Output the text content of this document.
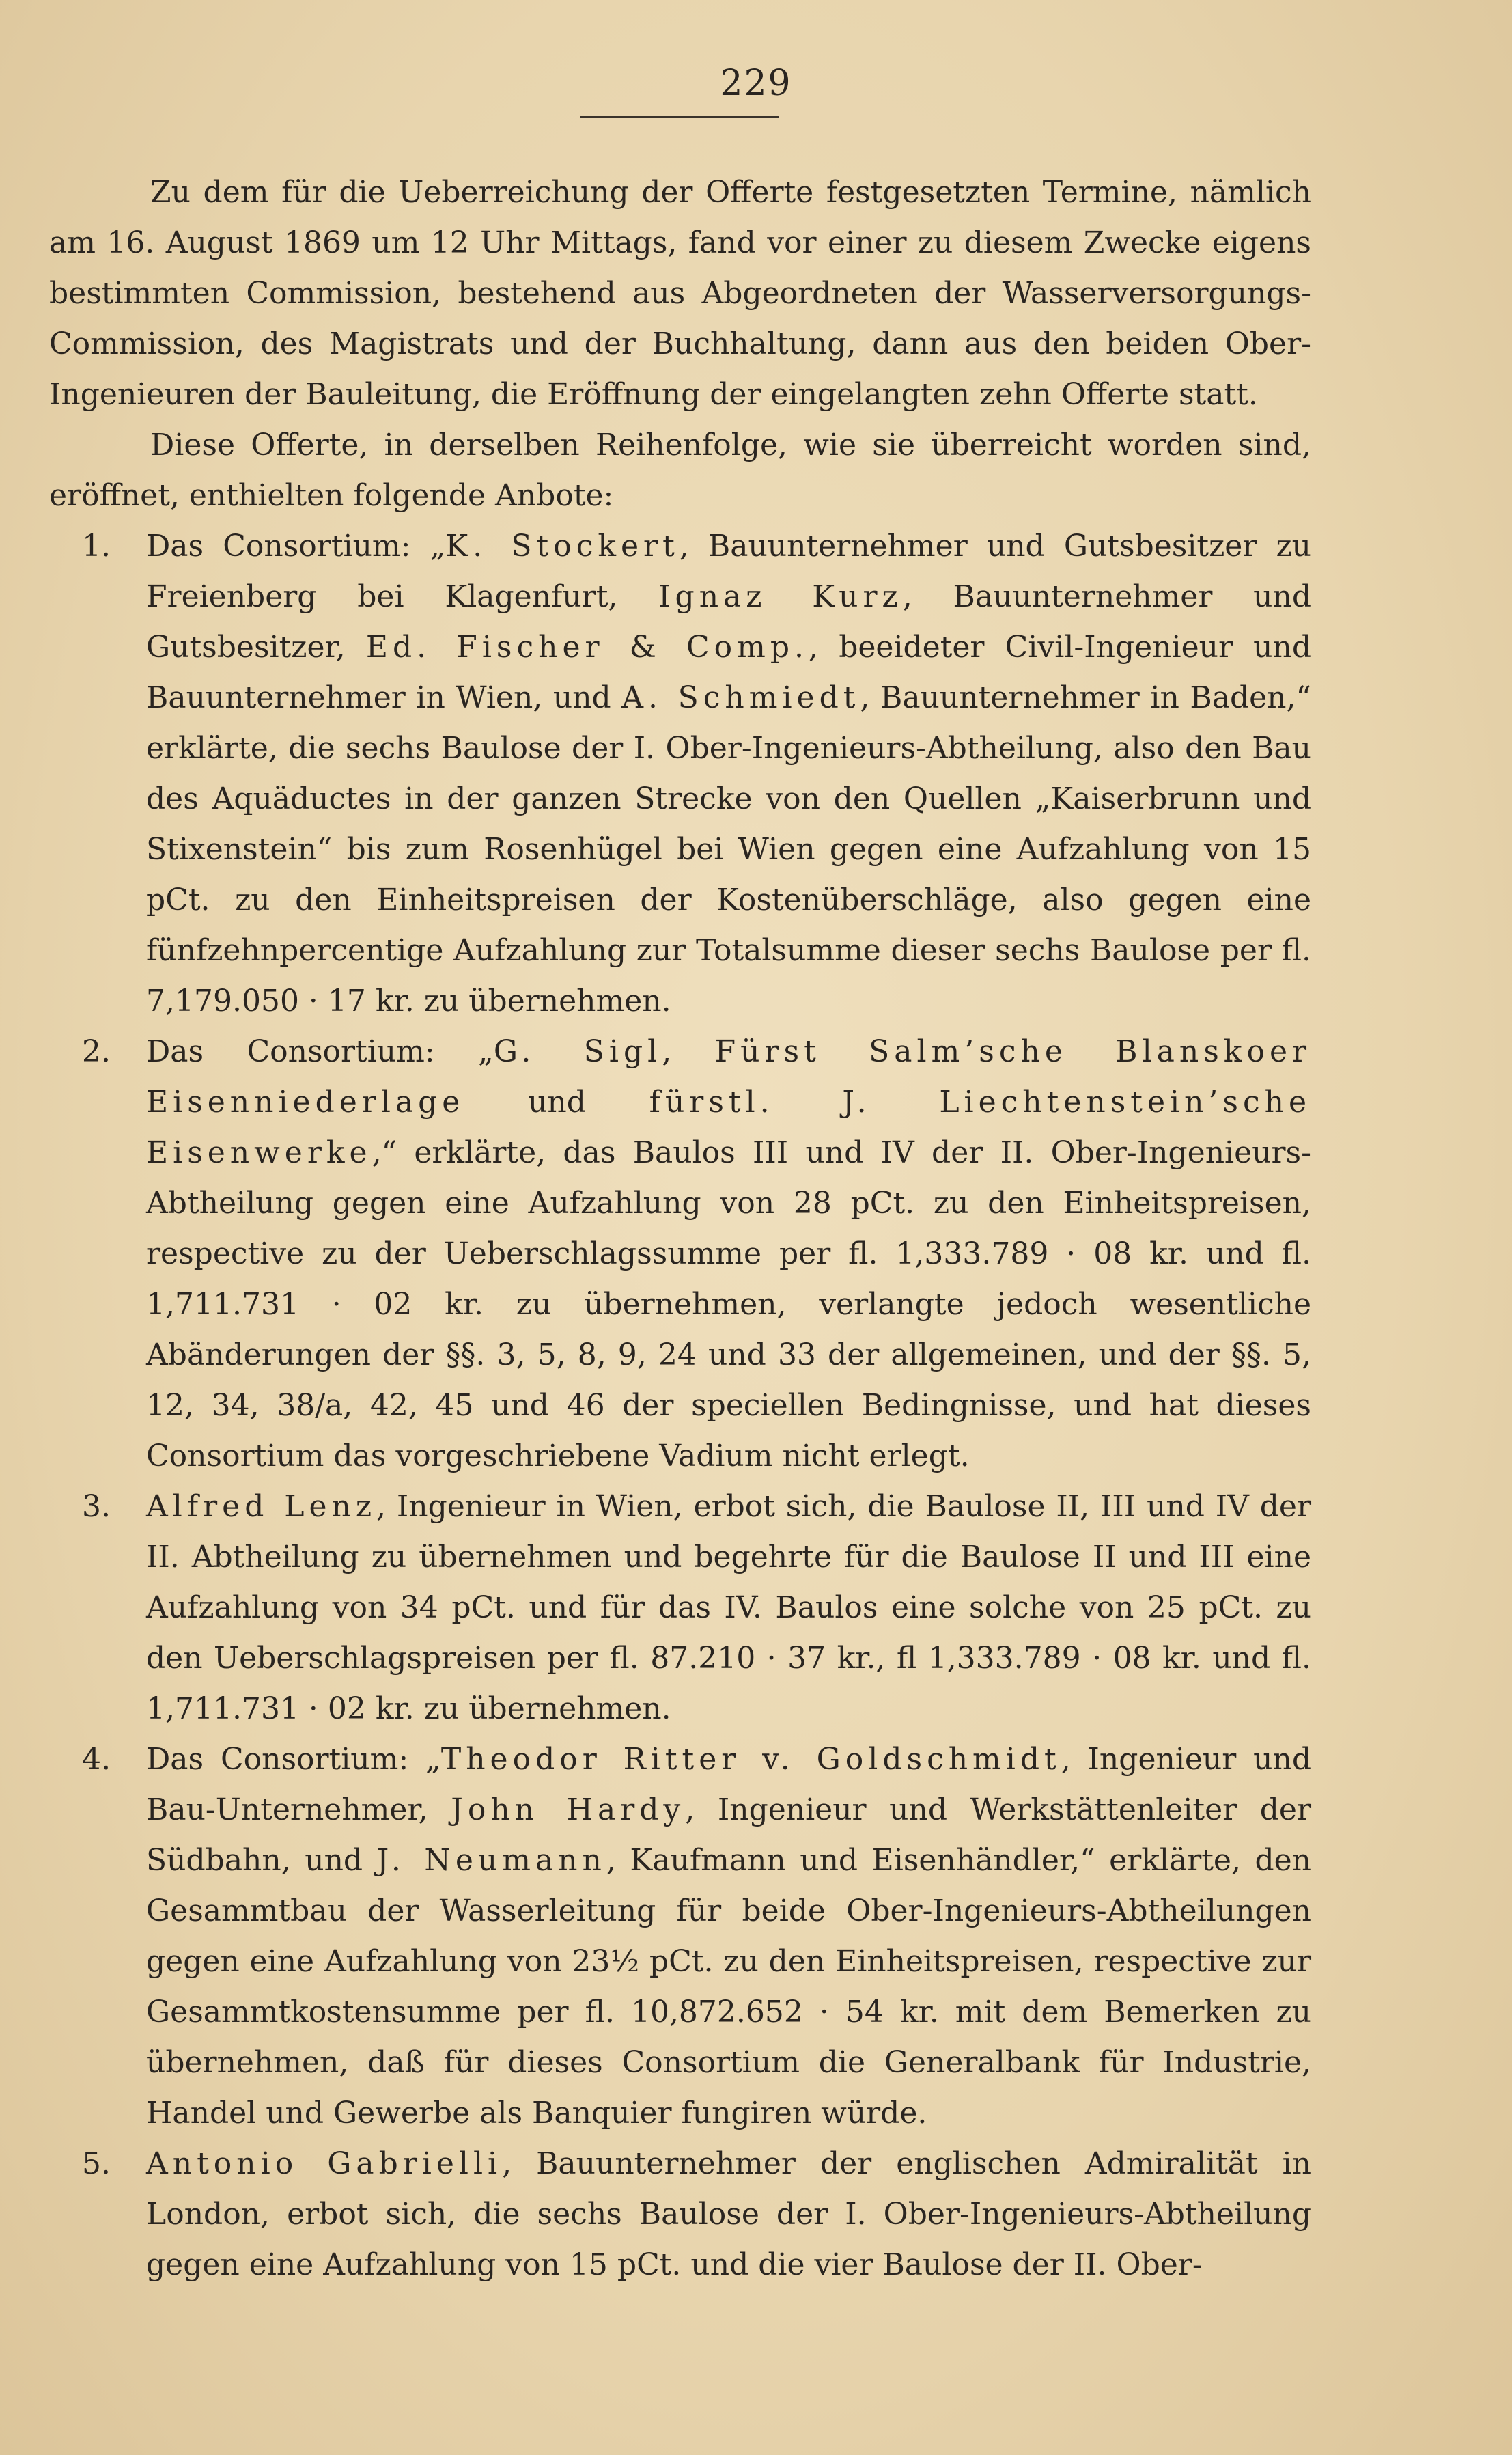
229

Zu dem für die Ueberreichung der Offerte festgesetzten Termine, nämlich am 16. August 1869 um 12 Uhr Mittags, fand vor einer zu diesem Zwecke eigens bestimmten Commission, bestehend aus Abgeordneten der Wasserversorgungs-Commission, des Magistrats und der Buchhaltung, dann aus den beiden Ober-Ingenieuren der Bauleitung, die Eröffnung der eingelangten zehn Offerte statt.

Diese Offerte, in derselben Reihenfolge, wie sie überreicht worden sind, eröffnet, enthielten folgende Anbote:

1. Das Consortium: „K. Stockert, Bauunternehmer und Gutsbesitzer zu Freienberg bei Klagenfurt, Ignaz Kurz, Bauunternehmer und Gutsbesitzer, Ed. Fischer & Comp., beeideter Civil-Ingenieur und Bauunternehmer in Wien, und A. Schmiedt, Bauunternehmer in Baden,“ erklärte, die sechs Baulose der I. Ober-Ingenieurs-Abtheilung, also den Bau des Aquäductes in der ganzen Strecke von den Quellen „Kaiserbrunn und Stixenstein“ bis zum Rosenhügel bei Wien gegen eine Aufzahlung von 15 pCt. zu den Einheitspreisen der Kostenüberschläge, also gegen eine fünfzehnpercentige Aufzahlung zur Totalsumme dieser sechs Baulose per fl. 7,179.050 · 17 kr. zu übernehmen.
2. Das Consortium: „G. Sigl, Fürst Salm’sche Blanskoer Eisenniederlage und fürstl. J. Liechtenstein’sche Eisenwerke,“ erklärte, das Baulos III und IV der II. Ober-Ingenieurs-Abtheilung gegen eine Aufzahlung von 28 pCt. zu den Einheitspreisen, respective zu der Ueberschlagssumme per fl. 1,333.789 · 08 kr. und fl. 1,711.731 · 02 kr. zu übernehmen, verlangte jedoch wesentliche Abänderungen der §§. 3, 5, 8, 9, 24 und 33 der allgemeinen, und der §§. 5, 12, 34, 38/a, 42, 45 und 46 der speciellen Bedingnisse, und hat dieses Consortium das vorgeschriebene Vadium nicht erlegt.
3. Alfred Lenz, Ingenieur in Wien, erbot sich, die Baulose II, III und IV der II. Abtheilung zu übernehmen und begehrte für die Baulose II und III eine Aufzahlung von 34 pCt. und für das IV. Baulos eine solche von 25 pCt. zu den Ueberschlagspreisen per fl. 87.210 · 37 kr., fl 1,333.789 · 08 kr. und fl. 1,711.731 · 02 kr. zu übernehmen.
4. Das Consortium: „Theodor Ritter v. Goldschmidt, Ingenieur und Bau-Unternehmer, John Hardy, Ingenieur und Werkstättenleiter der Südbahn, und J. Neumann, Kaufmann und Eisenhändler,“ erklärte, den Gesammtbau der Wasserleitung für beide Ober-Ingenieurs-Abtheilungen gegen eine Aufzahlung von 23½ pCt. zu den Einheitspreisen, respective zur Gesammtkostensumme per fl. 10,872.652 · 54 kr. mit dem Bemerken zu übernehmen, daß für dieses Consortium die Generalbank für Industrie, Handel und Gewerbe als Banquier fungiren würde.
5. Antonio Gabrielli, Bauunternehmer der englischen Admiralität in London, erbot sich, die sechs Baulose der I. Ober-Ingenieurs-Abtheilung gegen eine Aufzahlung von 15 pCt. und die vier Baulose der II. Ober-
